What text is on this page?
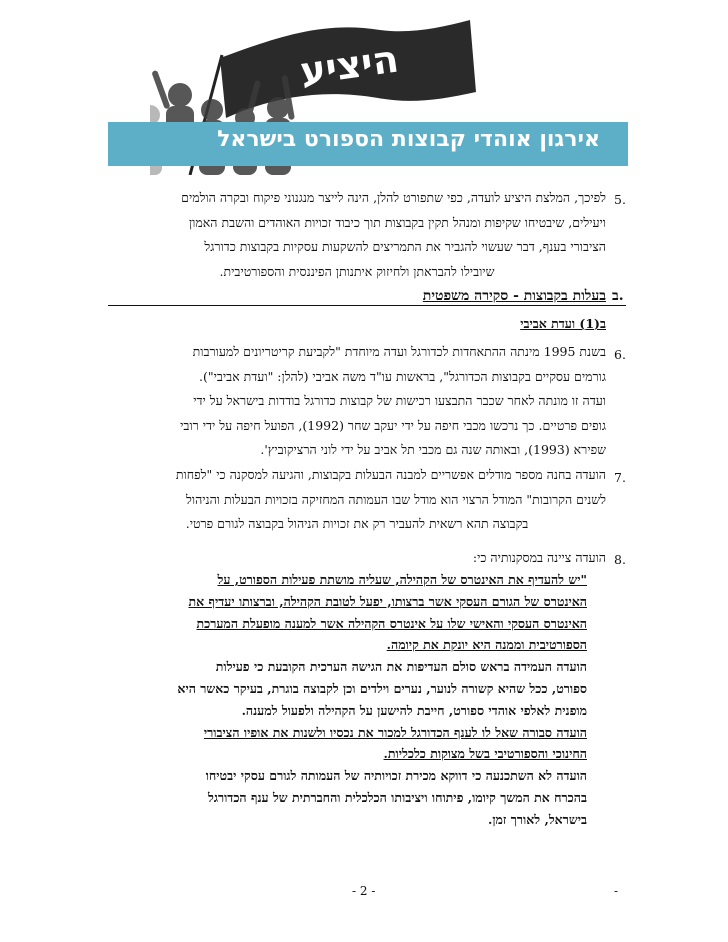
היציע
אירגון אוהדי קבוצות הספורט בישראל
5.
לפיכך, המלצת היציע לועדה, כפי שתפורט להלן, הינה לייצר מנגנוני פיקוח ובקרה הולמים
ויעילים, שיבטיחו שקיפות ומנהל תקין בקבוצות תוך כיבוד זכויות האוהדים והשבת האמון
הציבורי בענף, דבר שעשוי להגביר את התמריצים להשקעות עסקיות בקבוצות כדורגל
שיובילו להבראתן ולחיזוק איתנותן הפיננסית והספורטיבית.
ב.
בעלות בקבוצות - סקירה משפטית
ב(1) ועדת אביבי
6.
בשנת 1995 מינתה ההתאחדות לכדורגל ועדה מיוחדת "לקביעת קריטריונים למעורבות
גורמים עסקיים בקבוצות הכדורגל", בראשות עו"ד משה אביבי (להלן: "ועדת אביבי").
ועדה זו מונתה לאחר שכבר התבצעו רכישות של קבוצות כדורגל בודדות בישראל על ידי
גופים פרטיים. כך נרכשו מכבי חיפה על ידי יעקב שחר (1992), הפועל חיפה על ידי רובי
שפירא (1993), ובאותה שנה גם מכבי תל אביב על ידי לוני הרציקוביץ'.
7.
הועדה בחנה מספר מודלים אפשריים למבנה הבעלות בקבוצות, והגיעה למסקנה כי "לפחות
לשנים הקרובות" המודל הרצוי הוא מודל שבו העמותה המחזיקה בזכויות הבעלות והניהול
בקבוצה תהא רשאית להעביר רק את זכויות הניהול בקבוצה לגורם פרטי.
8.
הועדה ציינה במסקנותיה כי:
"יש להעדיף את האינטרס של הקהילה, שעליה מושתת פעילות הספורט, על
האינטרס של הגורם העסקי אשר ברצותו, יפעל לטובת הקהילה, וברצותו יעדיף את
האינטרס העסקי והאישי שלו על אינטרס הקהילה אשר למענה מופעלת המערכת
הספורטיבית וממנה היא יונקת את קיומה.
הועדה העמידה בראש סולם העדיפות את הגישה הערכית הקובעת כי פעילות
ספורט, ככל שהיא קשורה לנוער, נערים וילדים וכן לקבוצה בוגרת, בעיקר כאשר היא
מופנית לאלפי אוהדי ספורט, חייבת להישען על הקהילה ולפעול למענה.
הועדה סבורה שאל לו לענף הכדורגל למכור את נכסיו ולשנות את אופיו הציבורי
החינוכי והספורטיבי בשל מצוקות כלכליות.
הועדה לא השתכנעה כי דווקא מכירת זכויותיה של העמותה לגורם עסקי יבטיחו
בהכרח את המשך קיומו, פיתוחו ויציבותו הכלכלית והחברתית של ענף הכדורגל
בישראל, לאורך זמן.
- 2 -	-
